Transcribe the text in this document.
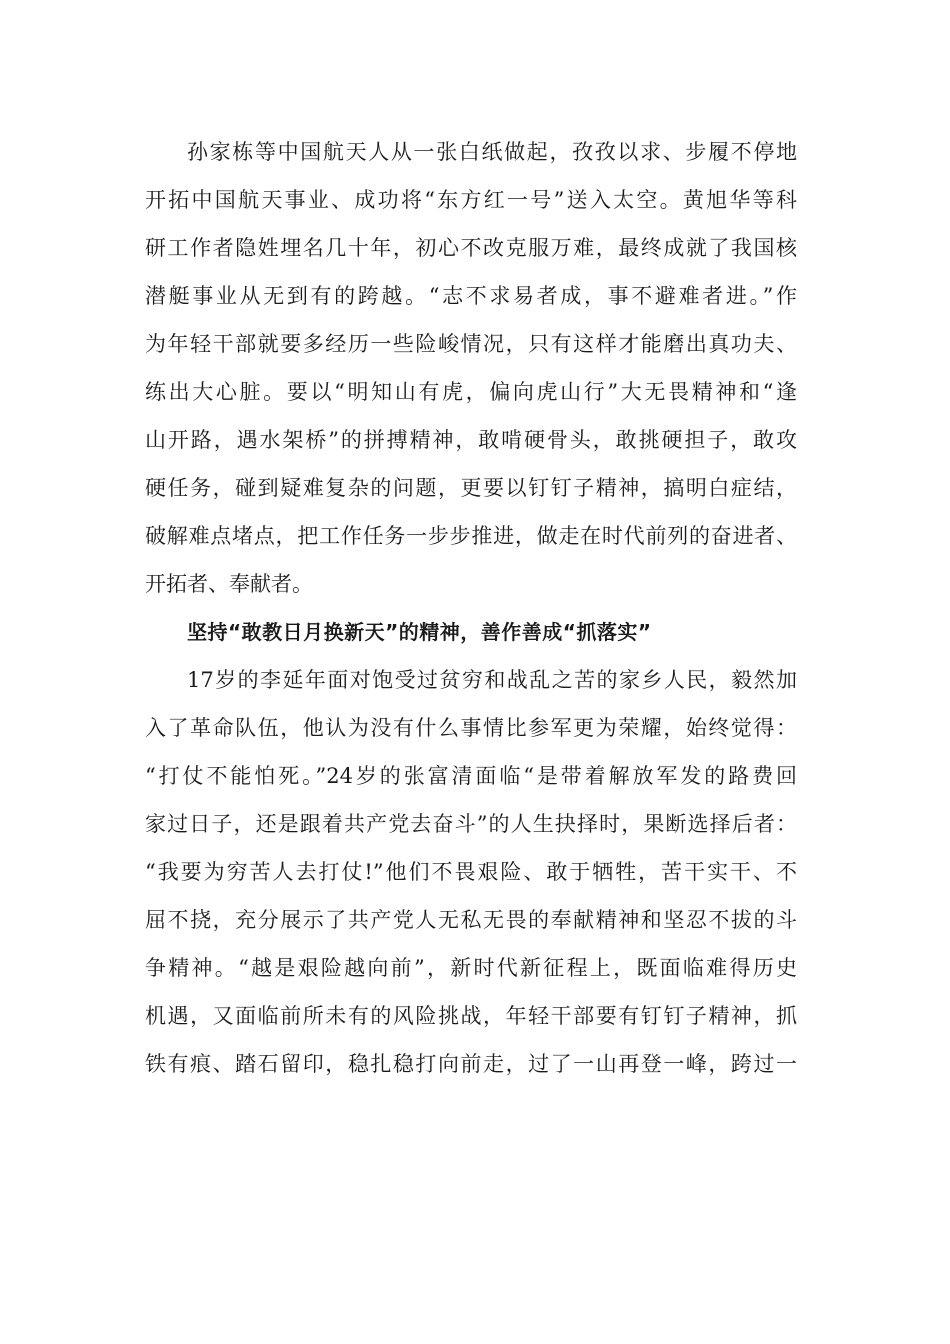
孙家栋等中国航天人从一张白纸做起，孜孜以求、步履不停地
开拓中国航天事业、成功将“东方红一号”送入太空。黄旭华等科
研工作者隐姓埋名几十年，初心不改克服万难，最终成就了我国核
潜艇事业从无到有的跨越。“志不求易者成，事不避难者进。”作
为年轻干部就要多经历一些险峻情况，只有这样才能磨出真功夫、
练出大心脏。要以“明知山有虎，偏向虎山行”大无畏精神和“逢
山开路，遇水架桥”的拼搏精神，敢啃硬骨头，敢挑硬担子，敢攻
硬任务，碰到疑难复杂的问题，更要以钉钉子精神，搞明白症结，
破解难点堵点，把工作任务一步步推进，做走在时代前列的奋进者、
开拓者、奉献者。
坚持“敢教日月换新天”的精神，善作善成“抓落实”
17岁的李延年面对饱受过贫穷和战乱之苦的家乡人民，毅然加
入了革命队伍，他认为没有什么事情比参军更为荣耀，始终觉得：
“打仗不能怕死。”24岁的张富清面临“是带着解放军发的路费回
家过日子，还是跟着共产党去奋斗”的人生抉择时，果断选择后者：
“我要为穷苦人去打仗!”他们不畏艰险、敢于牺牲，苦干实干、不
屈不挠，充分展示了共产党人无私无畏的奉献精神和坚忍不拔的斗
争精神。“越是艰险越向前”，新时代新征程上，既面临难得历史
机遇，又面临前所未有的风险挑战，年轻干部要有钉钉子精神，抓
铁有痕、踏石留印，稳扎稳打向前走，过了一山再登一峰，跨过一
